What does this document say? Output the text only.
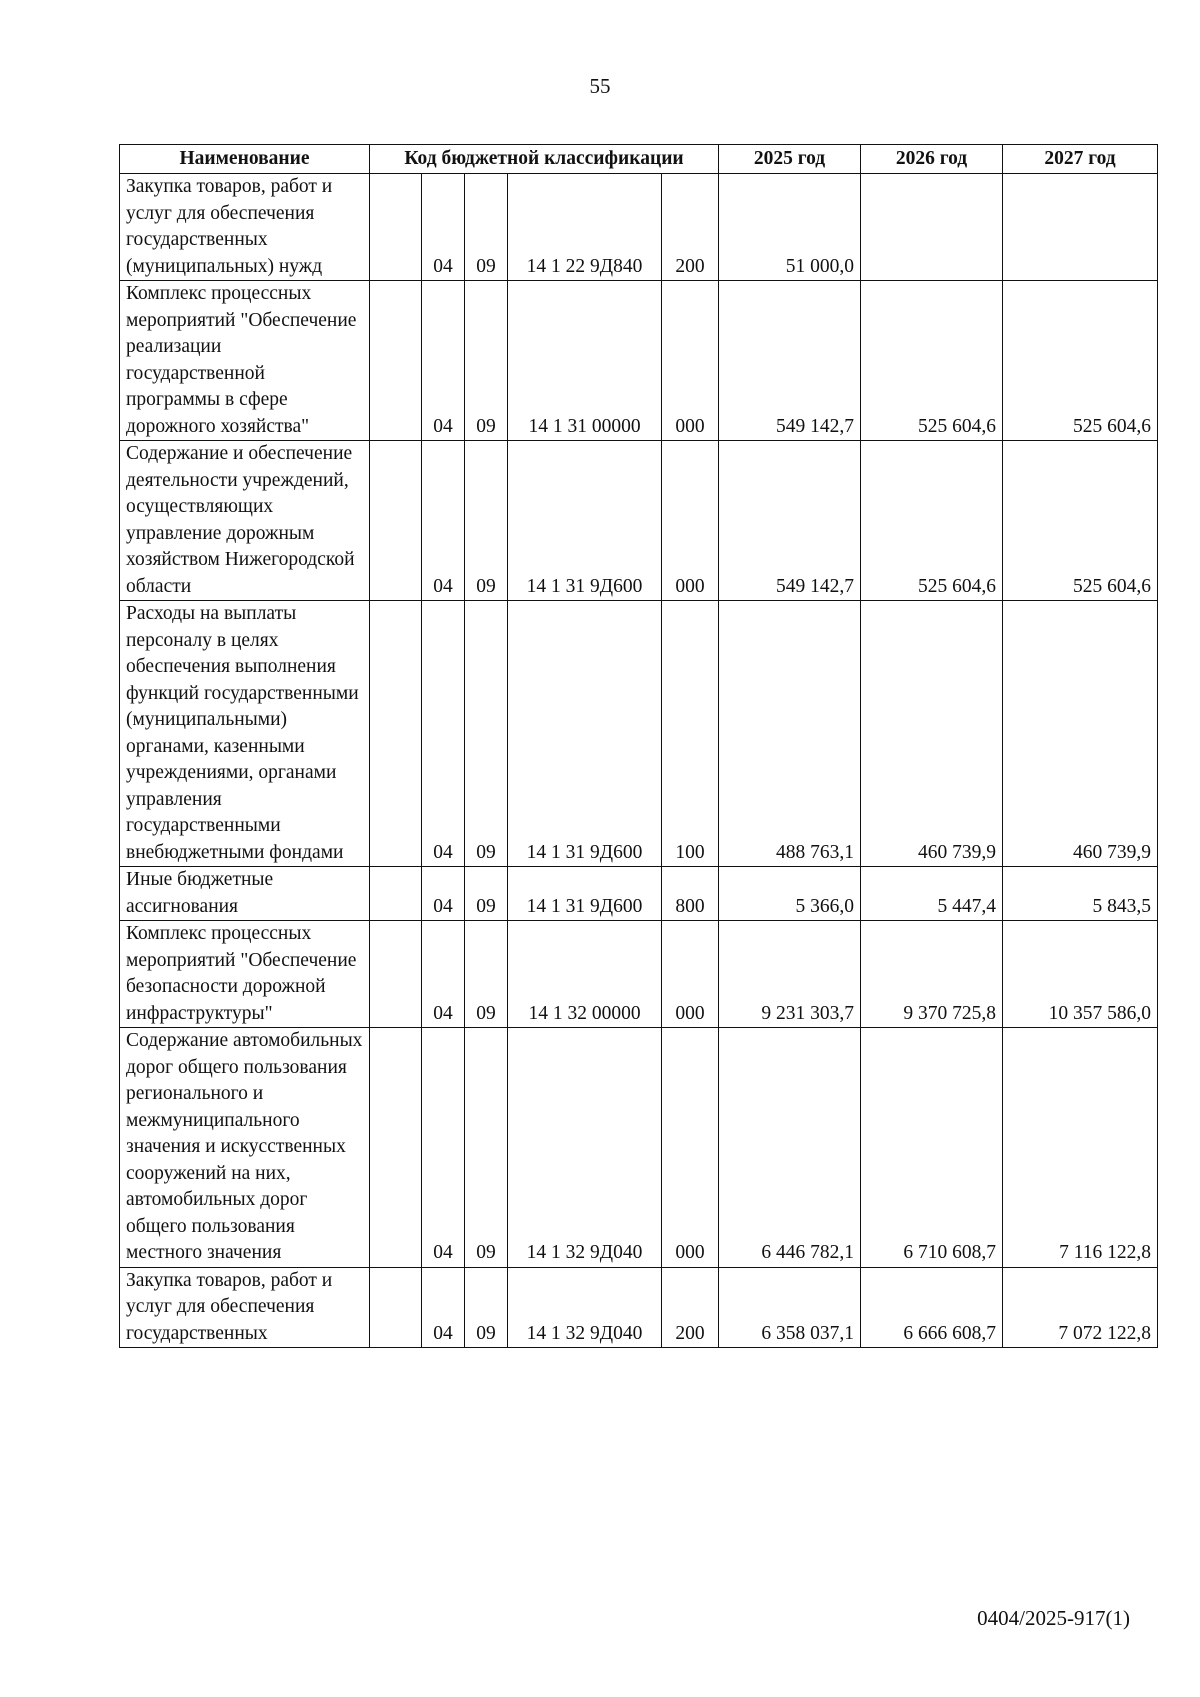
55
Наименование	Код бюджетной классификации					2025 год	2026 год	2027 год
Закупка товаров, работ и услуг для обеспечения государственных (муниципальных) нужд		04	09	14 1 22 9Д840	200	51 000,0		
Комплекс процессных мероприятий "Обеспечение реализации государственной программы в сфере дорожного хозяйства"		04	09	14 1 31 00000	000	549 142,7	525 604,6	525 604,6
Содержание и обеспечение деятельности учреждений, осуществляющих управление дорожным хозяйством Нижегородской области		04	09	14 1 31 9Д600	000	549 142,7	525 604,6	525 604,6
Расходы на выплаты персоналу в целях обеспечения выполнения функций государственными (муниципальными) органами, казенными учреждениями, органами управления государственными внебюджетными фондами		04	09	14 1 31 9Д600	100	488 763,1	460 739,9	460 739,9
Иные бюджетные ассигнования		04	09	14 1 31 9Д600	800	5 366,0	5 447,4	5 843,5
Комплекс процессных мероприятий "Обеспечение безопасности дорожной инфраструктуры"		04	09	14 1 32 00000	000	9 231 303,7	9 370 725,8	10 357 586,0
Содержание автомобильных дорог общего пользования регионального и межмуниципального значения и искусственных сооружений на них, автомобильных дорог общего пользования местного значения		04	09	14 1 32 9Д040	000	6 446 782,1	6 710 608,7	7 116 122,8
Закупка товаров, работ и услуг для обеспечения государственных		04	09	14 1 32 9Д040	200	6 358 037,1	6 666 608,7	7 072 122,8
0404/2025-917(1)
